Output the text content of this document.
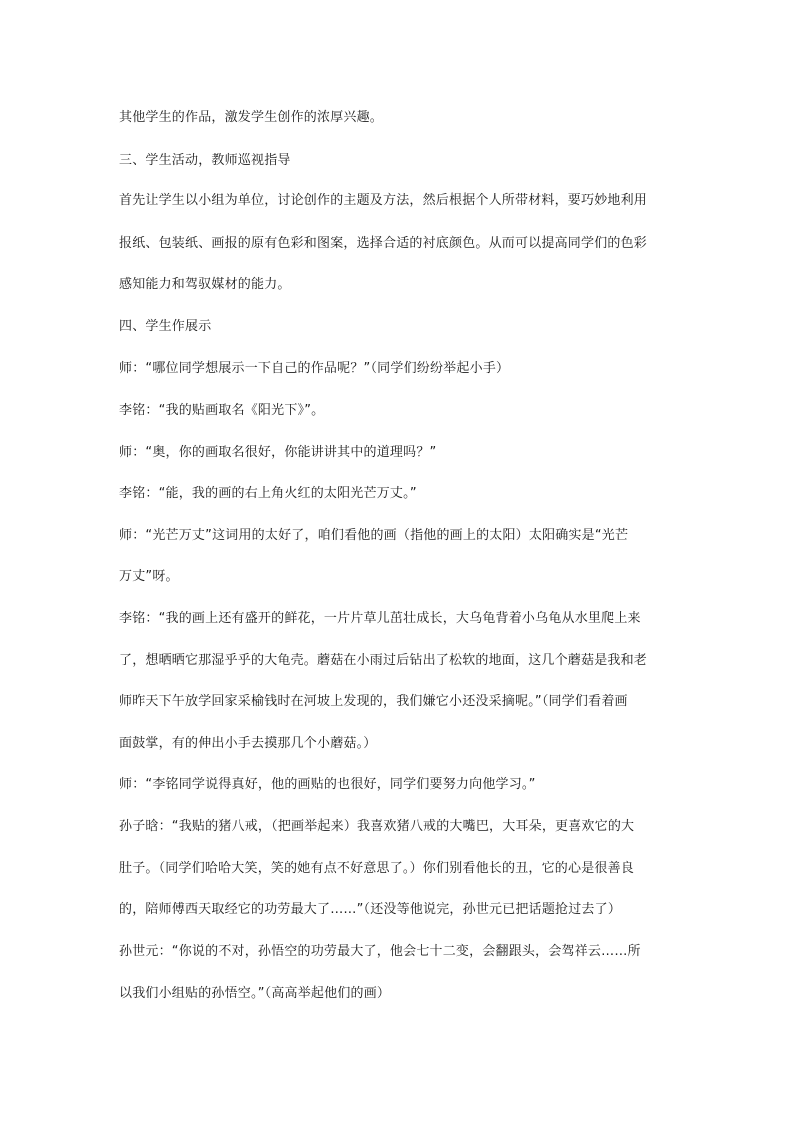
其他学生的作品，激发学生创作的浓厚兴趣。
三、学生活动，教师巡视指导
首先让学生以小组为单位，讨论创作的主题及方法，然后根据个人所带材料，要巧妙地利用
报纸、包装纸、画报的原有色彩和图案，选择合适的衬底颜色。从而可以提高同学们的色彩
感知能力和驾驭媒材的能力。
四、学生作展示
师：“哪位同学想展示一下自己的作品呢？”（同学们纷纷举起小手）
李铭：“我的贴画取名《阳光下》”。
师：“奥，你的画取名很好，你能讲讲其中的道理吗？”
李铭：“能，我的画的右上角火红的太阳光芒万丈。”
师：“光芒万丈”这词用的太好了，咱们看他的画（指他的画上的太阳）太阳确实是“光芒
万丈”呀。
李铭：“我的画上还有盛开的鲜花，一片片草儿茁壮成长，大乌龟背着小乌龟从水里爬上来
了，想晒晒它那湿乎乎的大龟壳。蘑菇在小雨过后钻出了松软的地面，这几个蘑菇是我和老
师昨天下午放学回家采榆钱时在河坡上发现的，我们嫌它小还没采摘呢。”（同学们看着画
面鼓掌，有的伸出小手去摸那几个小蘑菇。）
师：“李铭同学说得真好，他的画贴的也很好，同学们要努力向他学习。”
孙子晗：“我贴的猪八戒，（把画举起来）我喜欢猪八戒的大嘴巴，大耳朵，更喜欢它的大
肚子。（同学们哈哈大笑，笑的她有点不好意思了。）你们别看他长的丑，它的心是很善良
的，陪师傅西天取经它的功劳最大了……”（还没等他说完，孙世元已把话题抢过去了）
孙世元：“你说的不对，孙悟空的功劳最大了，他会七十二变，会翻跟头，会驾祥云……所
以我们小组贴的孙悟空。”（高高举起他们的画）
